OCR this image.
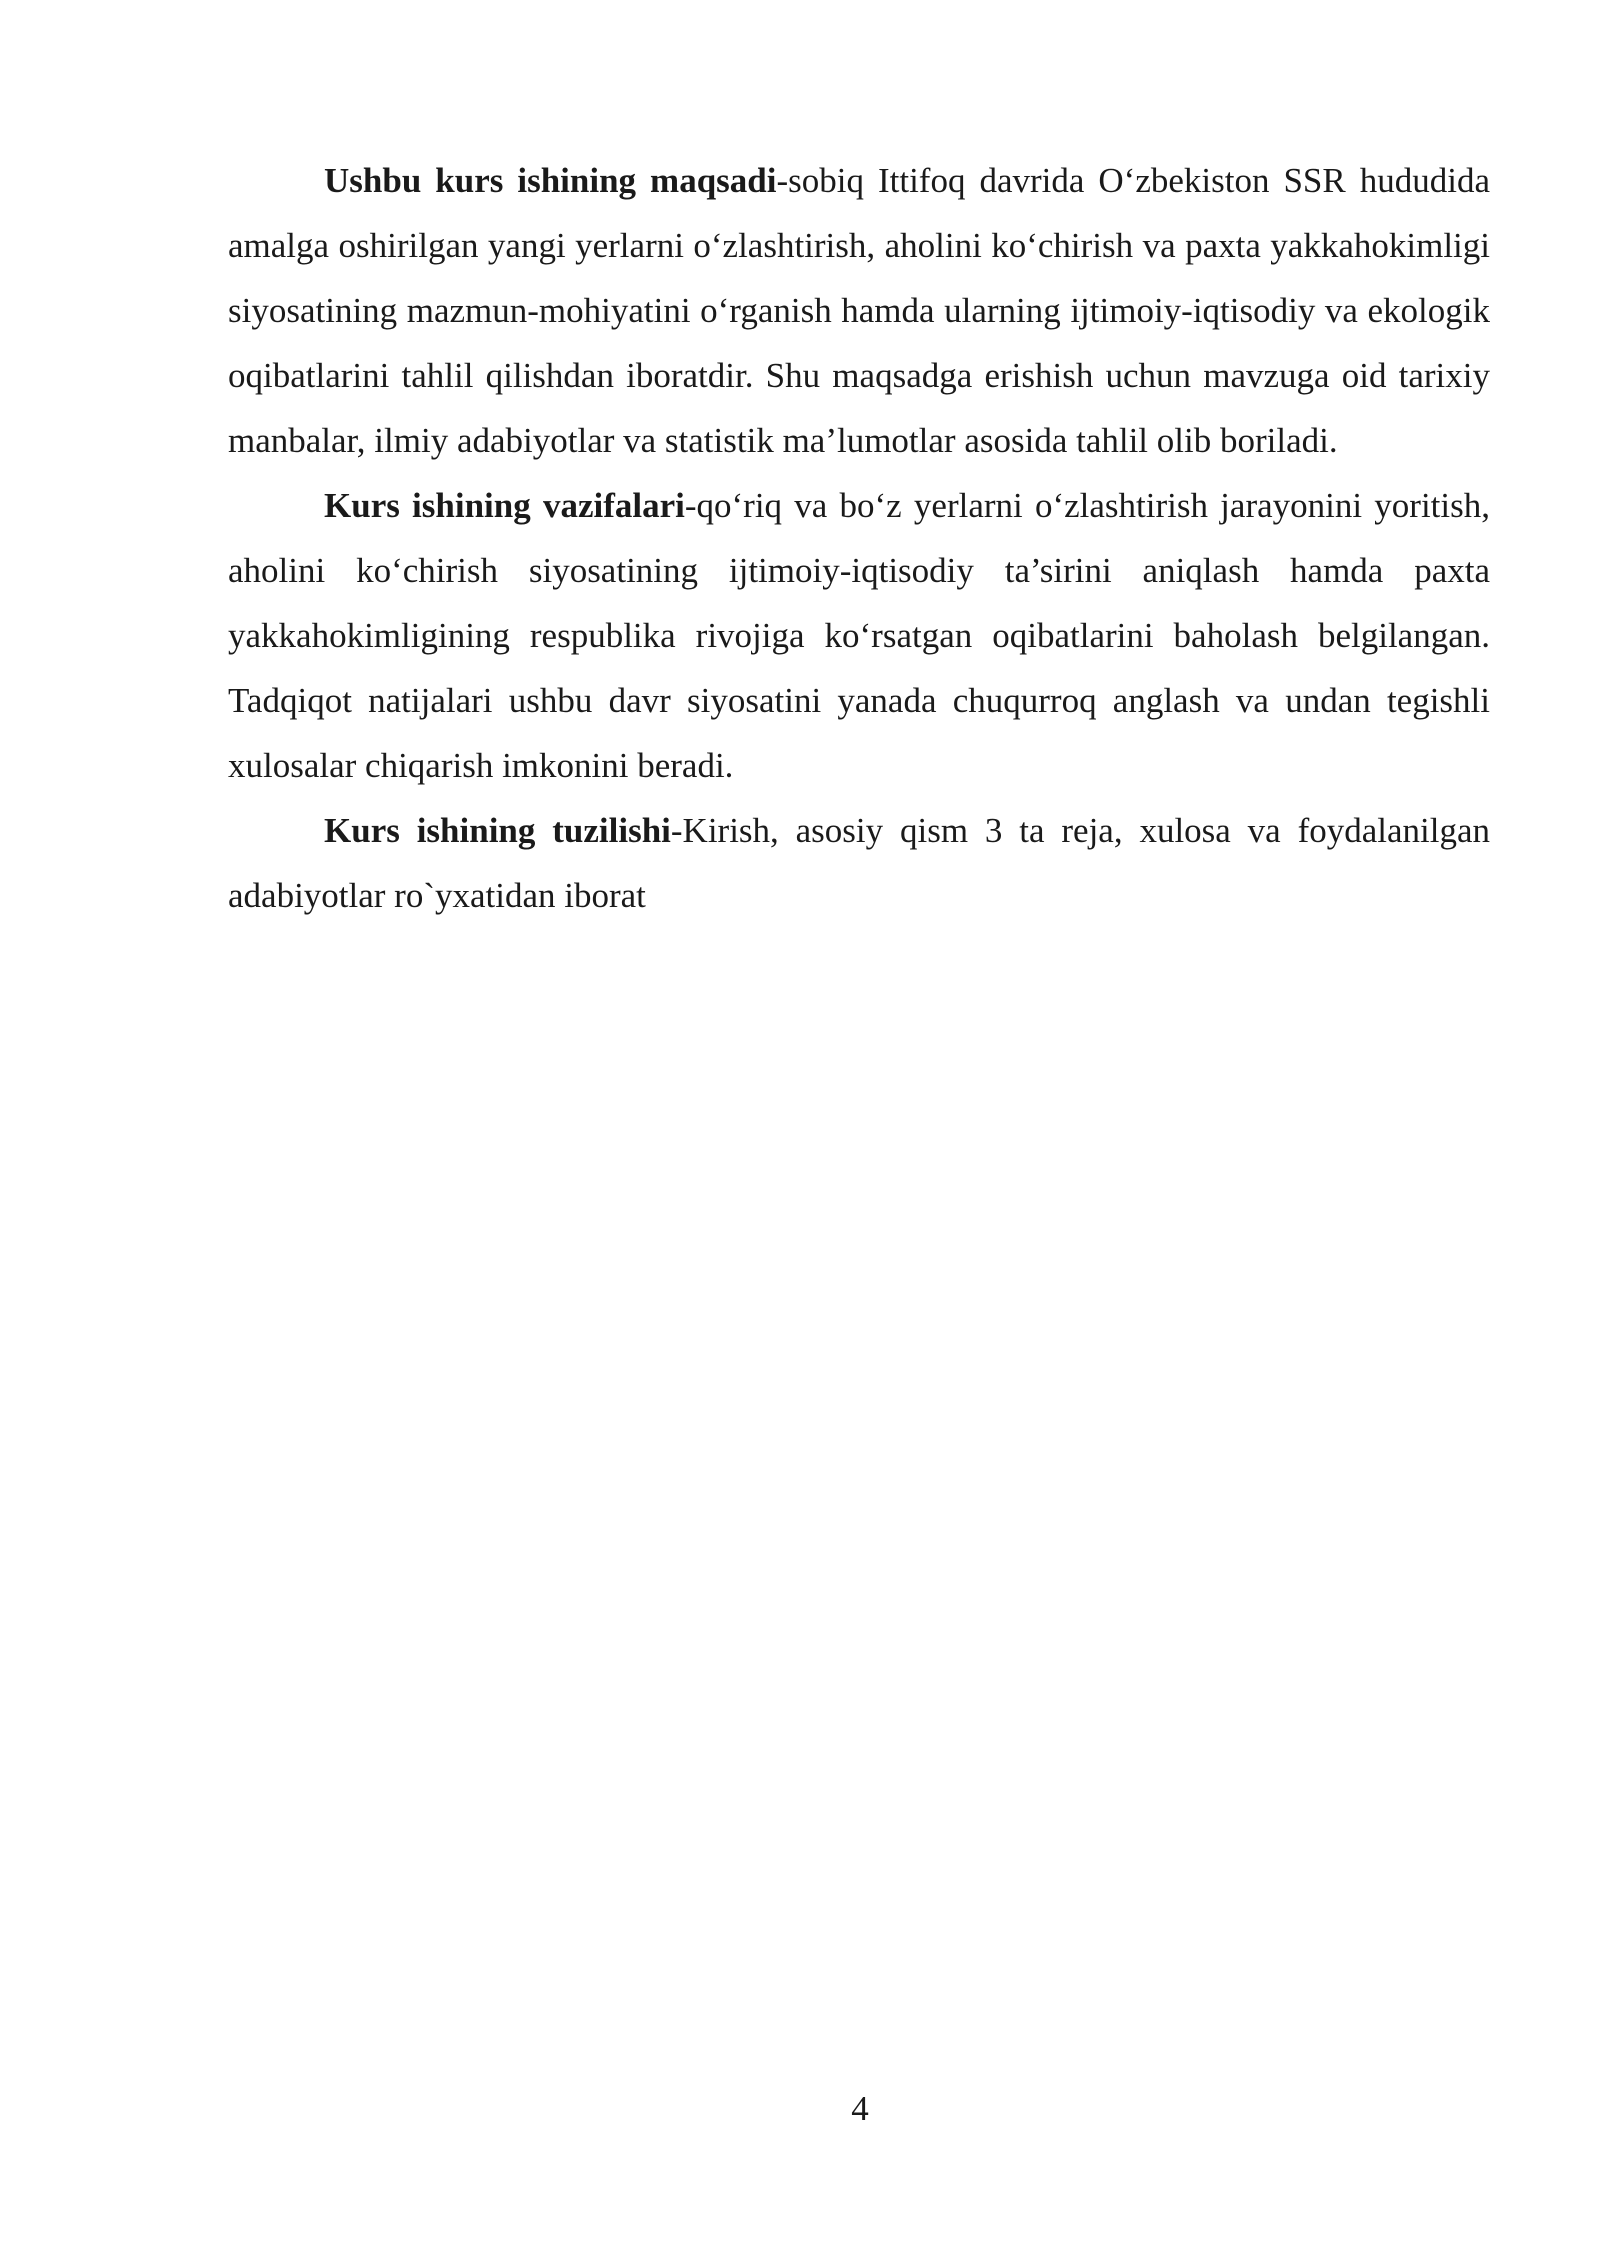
Ushbu kurs ishining maqsadi-sobiq Ittifoq davrida O‘zbekiston SSR hududida amalga oshirilgan yangi yerlarni o‘zlashtirish, aholini ko‘chirish va paxta yakkahokimligi siyosatining mazmun-mohiyatini o‘rganish hamda ularning ijtimoiy-iqtisodiy va ekologik oqibatlarini tahlil qilishdan iboratdir. Shu maqsadga erishish uchun mavzuga oid tarixiy manbalar, ilmiy adabiyotlar va statistik ma’lumotlar asosida tahlil olib boriladi.

Kurs ishining vazifalari-qo‘riq va bo‘z yerlarni o‘zlashtirish jarayonini yoritish, aholini ko‘chirish siyosatining ijtimoiy-iqtisodiy ta’sirini aniqlash hamda paxta yakkahokimligining respublika rivojiga ko‘rsatgan oqibatlarini baholash belgilangan. Tadqiqot natijalari ushbu davr siyosatini yanada chuqurroq anglash va undan tegishli xulosalar chiqarish imkonini beradi.

Kurs ishining tuzilishi-Kirish, asosiy qism 3 ta reja, xulosa va foydalanilgan adabiyotlar ro`yxatidan iborat

4
